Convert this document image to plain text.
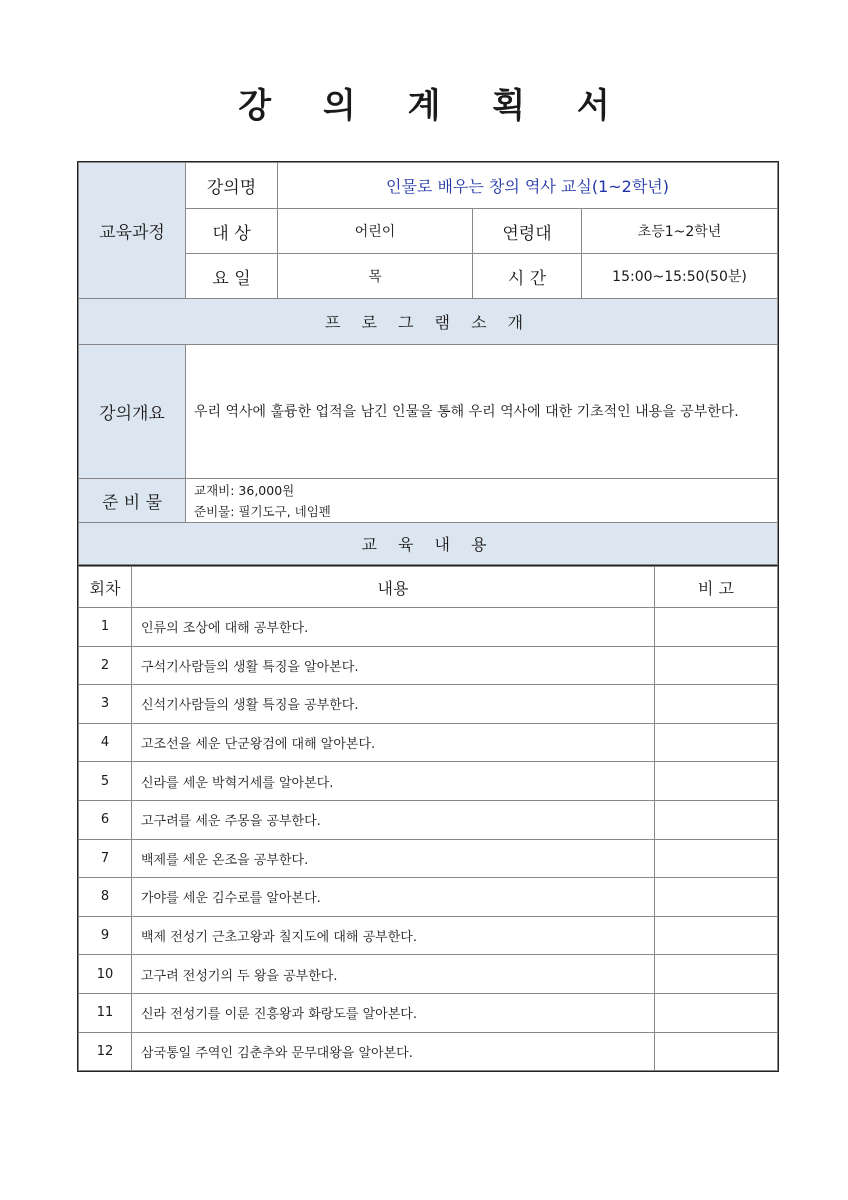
강 의 계 획 서
교육과정	강의명	인물로 배우는 창의 역사 교실(1~2학년)		
	대 상	어린이	연령대	초등1~2학년
	요 일	목	시 간	15:00~15:50(50분)
프 로 그 램 소 개				
강의개요	우리 역사에 훌륭한 업적을 남긴 인물을 통해 우리 역사에 대한 기초적인 내용을 공부한다.			
준 비 물	교재비: 36,000원
준비물: 필기도구, 네임펜			

교 육 내 용				
회차	내용	비 고
1	인류의 조상에 대해 공부한다.	
2	구석기사람들의 생활 특징을 알아본다.	
3	신석기사람들의 생활 특징을 공부한다.	
4	고조선을 세운 단군왕검에 대해 알아본다.	
5	신라를 세운 박혁거세를 알아본다.	
6	고구려를 세운 주몽을 공부한다.	
7	백제를 세운 온조을 공부한다.	
8	가야를 세운 김수로를 알아본다.	
9	백제 전성기 근초고왕과 칠지도에 대해 공부한다.	
10	고구려 전성기의 두 왕을 공부한다.	
11	신라 전성기를 이룬 진흥왕과 화랑도를 알아본다.	
12	삼국통일 주역인 김춘추와 문무대왕을 알아본다.	
